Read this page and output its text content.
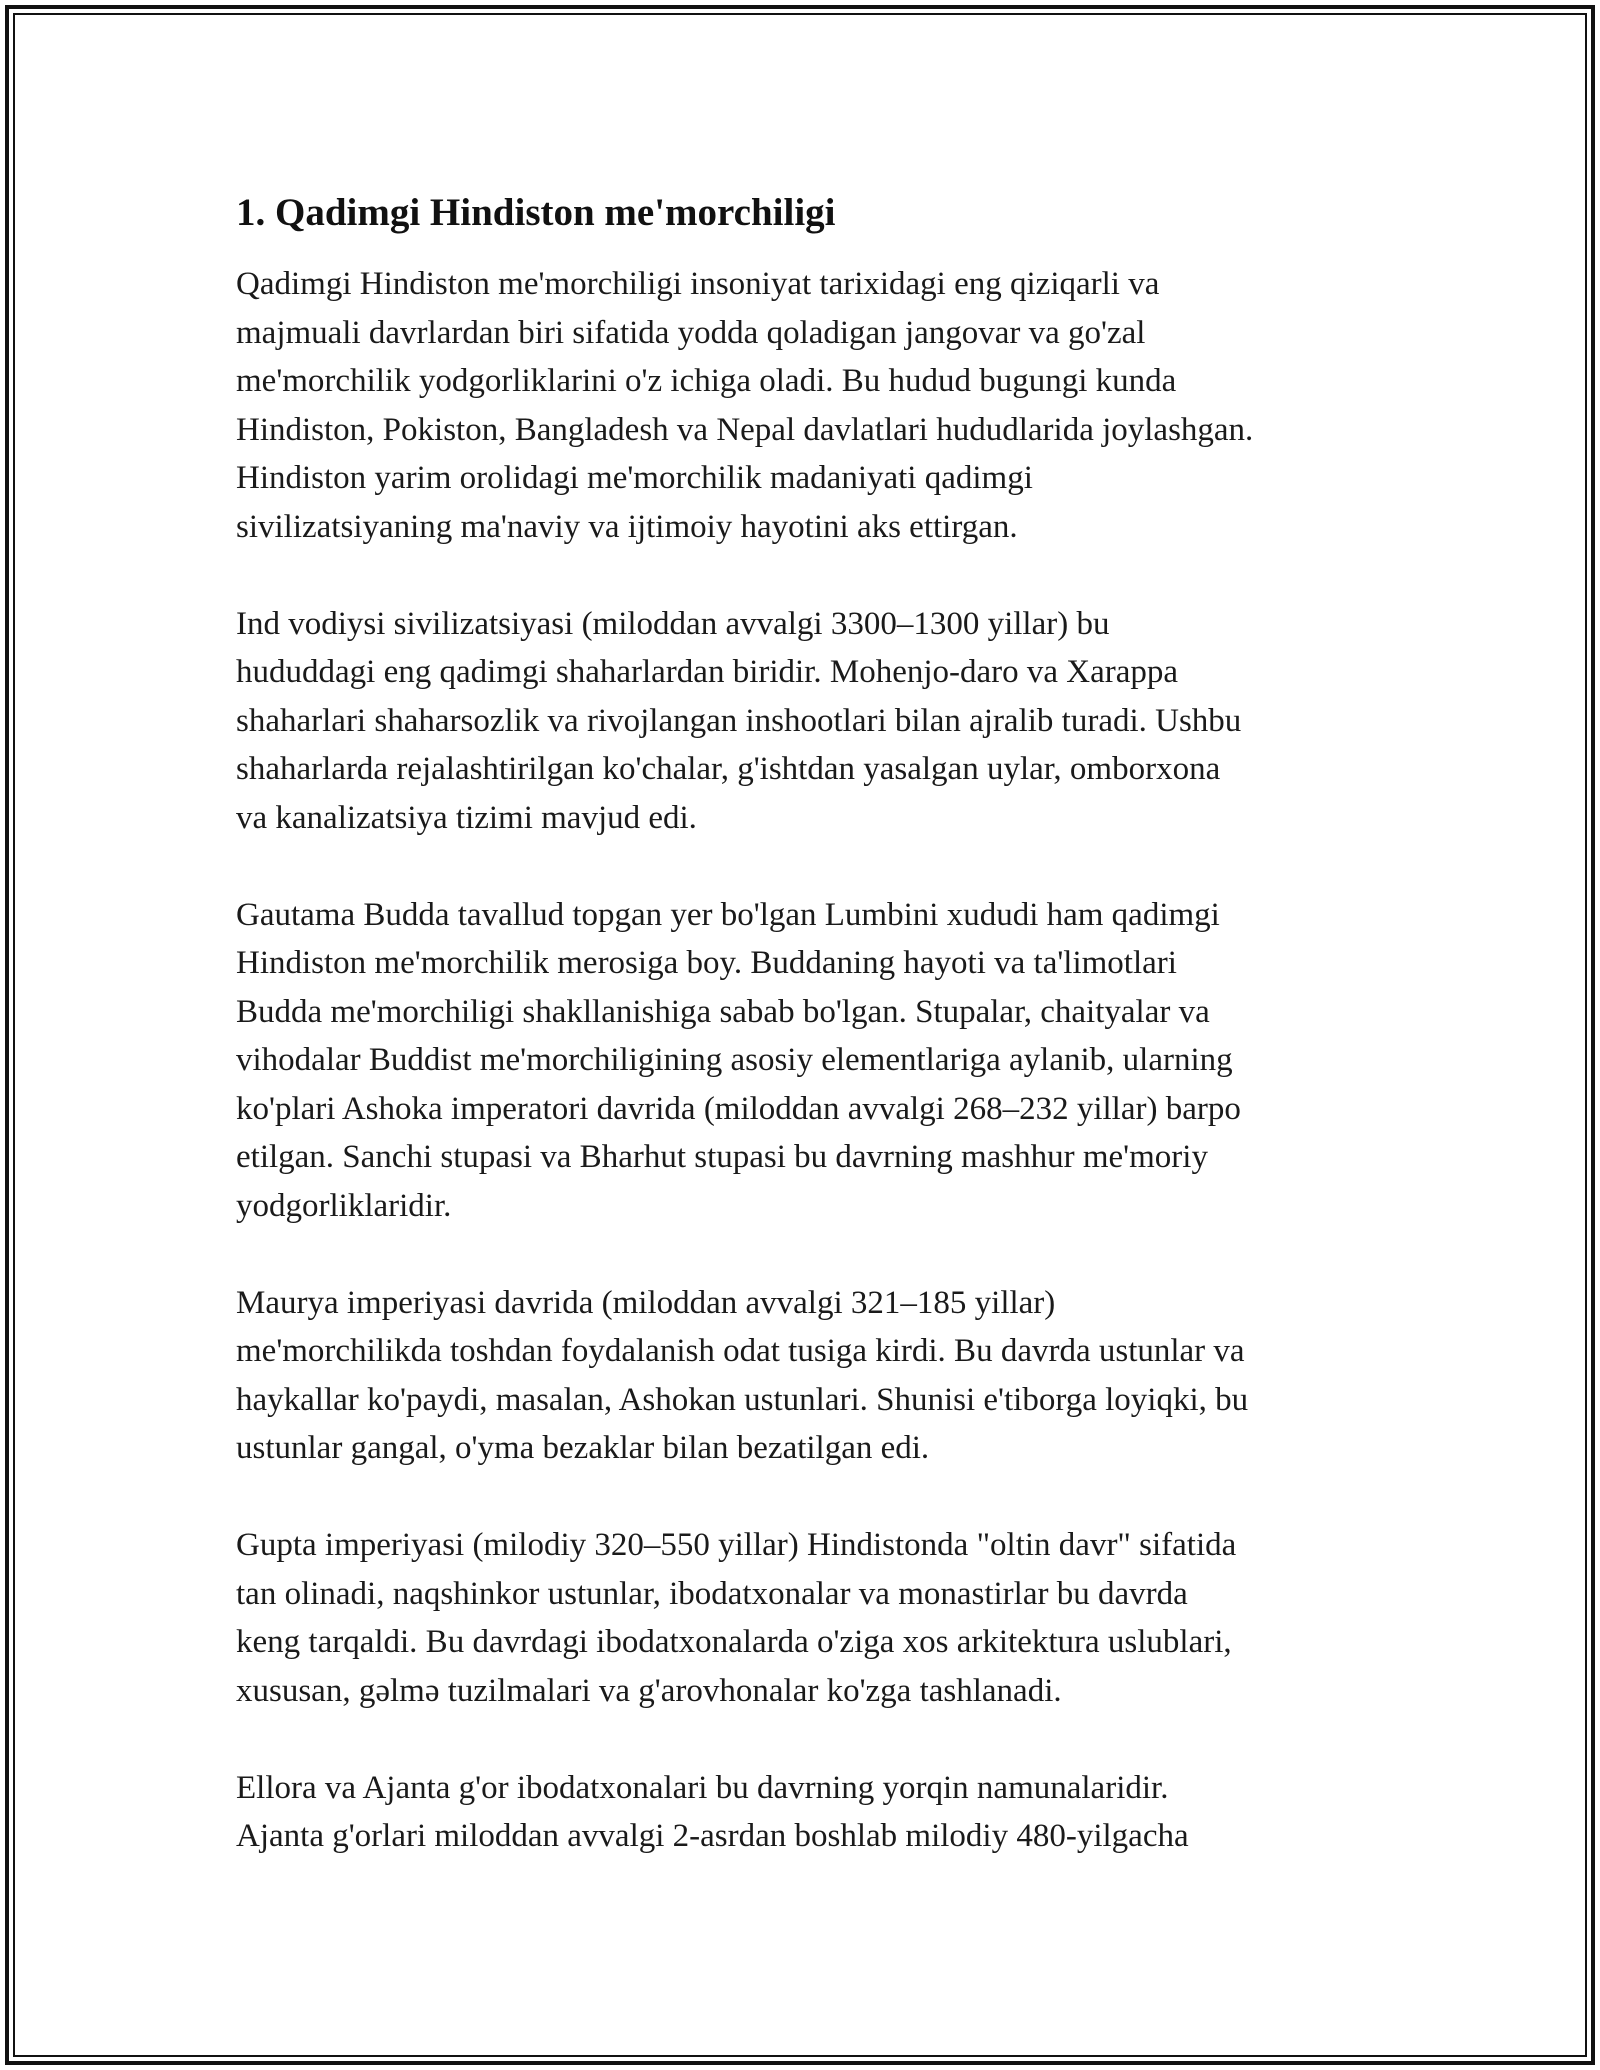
1. Qadimgi Hindiston me'morchiligi

Qadimgi Hindiston me'morchiligi insoniyat tarixidagi eng qiziqarli va
majmuali davrlardan biri sifatida yodda qoladigan jangovar va go'zal
me'morchilik yodgorliklarini o'z ichiga oladi. Bu hudud bugungi kunda
Hindiston, Pokiston, Bangladesh va Nepal davlatlari hududlarida joylashgan.
Hindiston yarim orolidagi me'morchilik madaniyati qadimgi
sivilizatsiyaning ma'naviy va ijtimoiy hayotini aks ettirgan.

Ind vodiysi sivilizatsiyasi (miloddan avvalgi 3300–1300 yillar) bu
hududdagi eng qadimgi shaharlardan biridir. Mohenjo-daro va Xarappa
shaharlari shaharsozlik va rivojlangan inshootlari bilan ajralib turadi. Ushbu
shaharlarda rejalashtirilgan ko'chalar, g'ishtdan yasalgan uylar, omborxona
va kanalizatsiya tizimi mavjud edi.

Gautama Budda tavallud topgan yer bo'lgan Lumbini xududi ham qadimgi
Hindiston me'morchilik merosiga boy. Buddaning hayoti va ta'limotlari
Budda me'morchiligi shakllanishiga sabab bo'lgan. Stupalar, chaityalar va
vihodalar Buddist me'morchiligining asosiy elementlariga aylanib, ularning
ko'plari Ashoka imperatori davrida (miloddan avvalgi 268–232 yillar) barpo
etilgan. Sanchi stupasi va Bharhut stupasi bu davrning mashhur me'moriy
yodgorliklaridir.

Maurya imperiyasi davrida (miloddan avvalgi 321–185 yillar)
me'morchilikda toshdan foydalanish odat tusiga kirdi. Bu davrda ustunlar va
haykallar ko'paydi, masalan, Ashokan ustunlari. Shunisi e'tiborga loyiqki, bu
ustunlar gangal, o'yma bezaklar bilan bezatilgan edi.

Gupta imperiyasi (milodiy 320–550 yillar) Hindistonda "oltin davr" sifatida
tan olinadi, naqshinkor ustunlar, ibodatxonalar va monastirlar bu davrda
keng tarqaldi. Bu davrdagi ibodatxonalarda o'ziga xos arkitektura uslublari,
xususan, gəlmə tuzilmalari va g'arovhonalar ko'zga tashlanadi.

Ellora va Ajanta g'or ibodatxonalari bu davrning yorqin namunalaridir.
Ajanta g'orlari miloddan avvalgi 2-asrdan boshlab milodiy 480-yilgacha
